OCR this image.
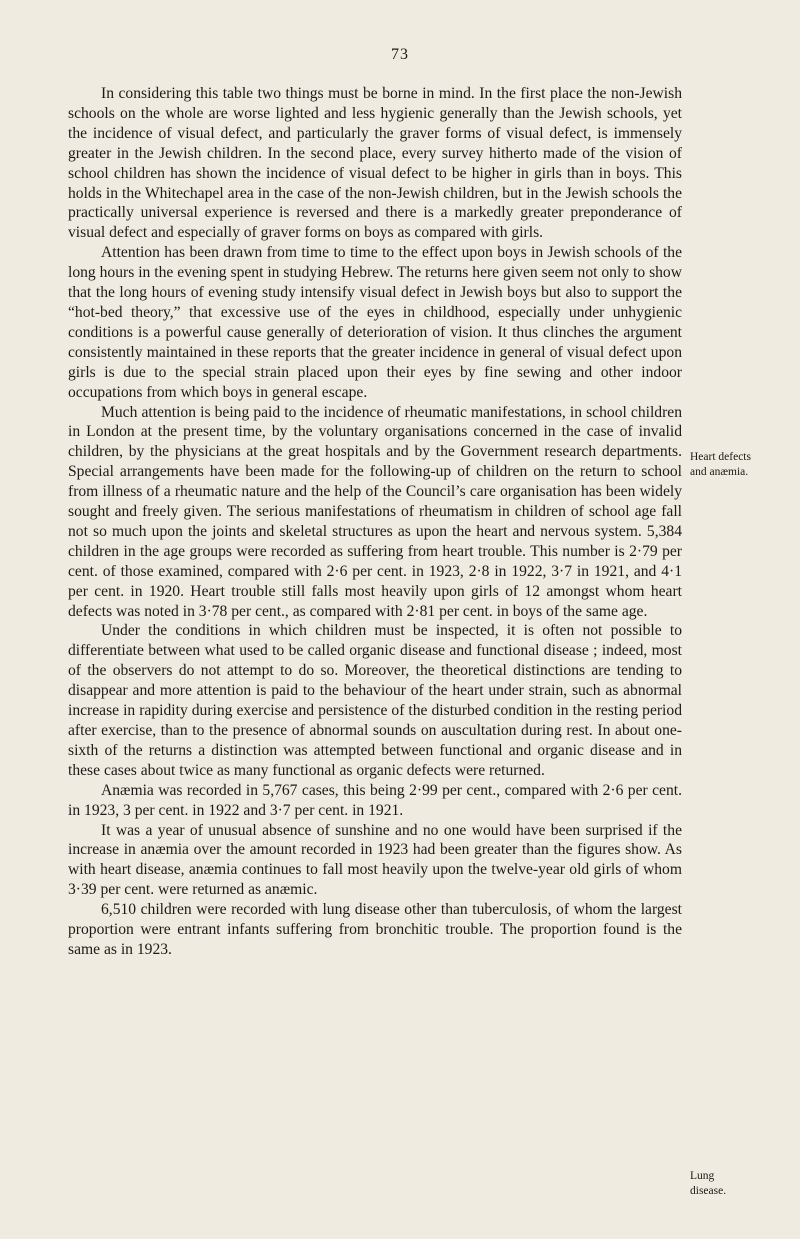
73

In considering this table two things must be borne in mind. In the first place the non-Jewish schools on the whole are worse lighted and less hygienic generally than the Jewish schools, yet the incidence of visual defect, and particularly the graver forms of visual defect, is immensely greater in the Jewish children. In the second place, every survey hitherto made of the vision of school children has shown the incidence of visual defect to be higher in girls than in boys. This holds in the Whitechapel area in the case of the non-Jewish children, but in the Jewish schools the practically universal experience is reversed and there is a markedly greater preponderance of visual defect and especially of graver forms on boys as compared with girls.

Attention has been drawn from time to time to the effect upon boys in Jewish schools of the long hours in the evening spent in studying Hebrew. The returns here given seem not only to show that the long hours of evening study intensify visual defect in Jewish boys but also to support the “hot-bed theory,” that excessive use of the eyes in childhood, especially under unhygienic conditions is a powerful cause generally of deterioration of vision. It thus clinches the argument consistently maintained in these reports that the greater incidence in general of visual defect upon girls is due to the special strain placed upon their eyes by fine sewing and other indoor occupations from which boys in general escape.

Much attention is being paid to the incidence of rheumatic manifestations, in school children in London at the present time, by the voluntary organisations concerned in the case of invalid children, by the physicians at the great hospitals and by the Government research departments. Special arrangements have been made for the following-up of children on the return to school from illness of a rheumatic nature and the help of the Council’s care organisation has been widely sought and freely given. The serious manifestations of rheumatism in children of school age fall not so much upon the joints and skeletal structures as upon the heart and nervous system. 5,384 children in the age groups were recorded as suffering from heart trouble. This number is 2·79 per cent. of those examined, compared with 2·6 per cent. in 1923, 2·8 in 1922, 3·7 in 1921, and 4·1 per cent. in 1920. Heart trouble still falls most heavily upon girls of 12 amongst whom heart defects was noted in 3·78 per cent., as compared with 2·81 per cent. in boys of the same age.

Under the conditions in which children must be inspected, it is often not possible to differentiate between what used to be called organic disease and functional disease ; indeed, most of the observers do not attempt to do so. Moreover, the theoretical distinctions are tending to disappear and more attention is paid to the behaviour of the heart under strain, such as abnormal increase in rapidity during exercise and persistence of the disturbed condition in the resting period after exercise, than to the presence of abnormal sounds on auscultation during rest. In about one-sixth of the returns a distinction was attempted between functional and organic disease and in these cases about twice as many functional as organic defects were returned.

Anæmia was recorded in 5,767 cases, this being 2·99 per cent., compared with 2·6 per cent. in 1923, 3 per cent. in 1922 and 3·7 per cent. in 1921.

It was a year of unusual absence of sunshine and no one would have been surprised if the increase in anæmia over the amount recorded in 1923 had been greater than the figures show. As with heart disease, anæmia continues to fall most heavily upon the twelve-year old girls of whom 3·39 per cent. were returned as anæmic.

6,510 children were recorded with lung disease other than tuberculosis, of whom the largest proportion were entrant infants suffering from bronchitic trouble. The proportion found is the same as in 1923.

Heart defects
and anæmia.
Lung
disease.
